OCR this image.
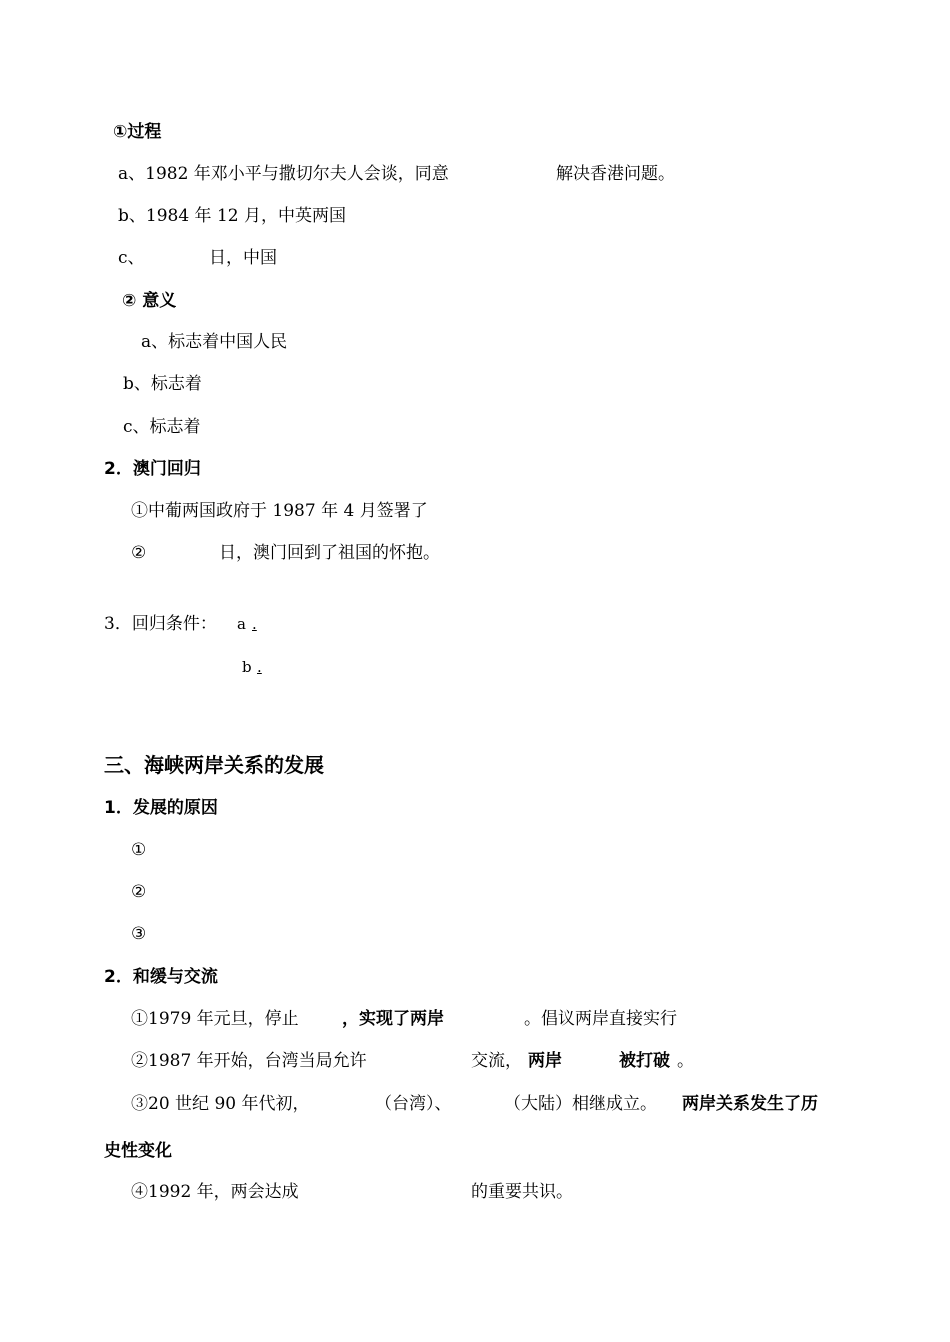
①过程
a、1982 年邓小平与撒切尔夫人会谈，同意	解决香港问题。
b、1984 年 12 月，中英两国
c、	日，中国
② 意义
a、标志着中国人民
b、标志着
c、标志着
2．澳门回归
①中葡两国政府于 1987 年 4 月签署了
②	日，澳门回到了祖国的怀抱。
3．回归条件： a .
b .
三、海峡两岸关系的发展
1．发展的原因
①
②
③
2．和缓与交流
①1979 年元旦，停止	，实现了两岸	。倡议两岸直接实行
②1987 年开始，台湾当局允许	交流， 两岸	被打破 。
③20 世纪 90 年代初，	（台湾）、	（大陆）相继成立。 两岸关系发生了历
史性变化
④1992 年，两会达成	的重要共识。
